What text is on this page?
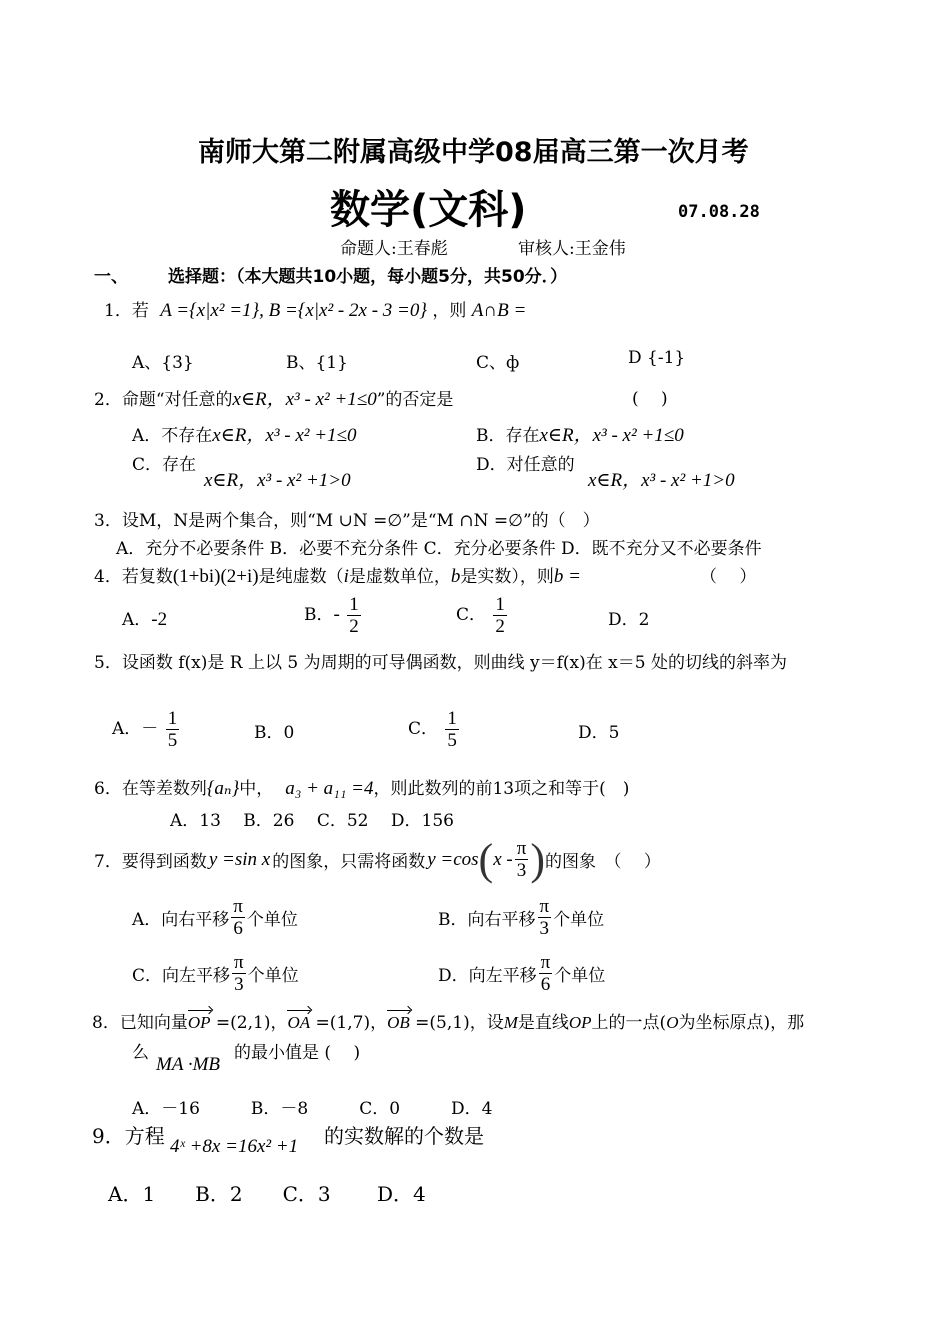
南师大第二附属高级中学08届高三第一次月考
数学(文科)	07.08.28
命题人:王春彪	审核人:王金伟
一、 选择题：（本大题共10小题，每小题5分，共50分．）
1．若 A ={x|x² =1}, B ={x|x² - 2x - 3 =0} ，则 A∩B =
A、{3}	B、{1}	C、ф	D {-1}
2．命题“对任意的x∈R，x³ - x² +1≤0”的否定是	(　 )
A．不存在x∈R，x³ - x² +1≤0	B．存在x∈R，x³ - x² +1≤0
C．存在
x∈R，x³ - x² +1>0
D．对任意的
x∈R，x³ - x² +1>0
3．设M，N是两个集合，则“M ∪N =∅”是“M ∩N =∅”的（　）
A．充分不必要条件 B．必要不充分条件 C．充分必要条件 D．既不充分又不必要条件
4．若复数(1+bi)(2+i)是纯虚数（i是虚数单位，b是实数），则b =	（　 ）
A．-2	B．- $\frac{1}{2}$	C． $\frac{1}{2}$	D．2
5．设函数 f(x)是 R 上以 5 为周期的可导偶函数，则曲线 y＝f(x)在 x＝5 处的切线的斜率为
A．－ $\frac{1}{5}$	B．0	C． $\frac{1}{5}$	D．5
6．在等差数列{aₙ}中， a₃ + a₁₁ =4，则此数列的前13项之和等于(　)
A．13　 B．26　 C．52　 D．156
7．要得到函数 y =sin x 的图象，只需将函数 y =cos ( x - $\frac{\pi}{3}$ ) 的图象　（　 ）
A．向右平移 $\frac{\pi}{6}$ 个单位	B．向右平移 $\frac{\pi}{3}$ 个单位
C．向左平移 $\frac{\pi}{3}$ 个单位	D．向左平移 $\frac{\pi}{6}$ 个单位
8．已知向量OP =(2,1)，OA =(1,7)，OB =(5,1)，设M是直线OP上的一点(O为坐标原点)，那
么
MA ·MB
的最小值是 (　 )
A．－16　　　B．－8　　　C．0　　　D．4
9．方程 4ˣ +8x =16x² +1 的实数解的个数是
A．1　　B．2　　C．3　　 D．4
